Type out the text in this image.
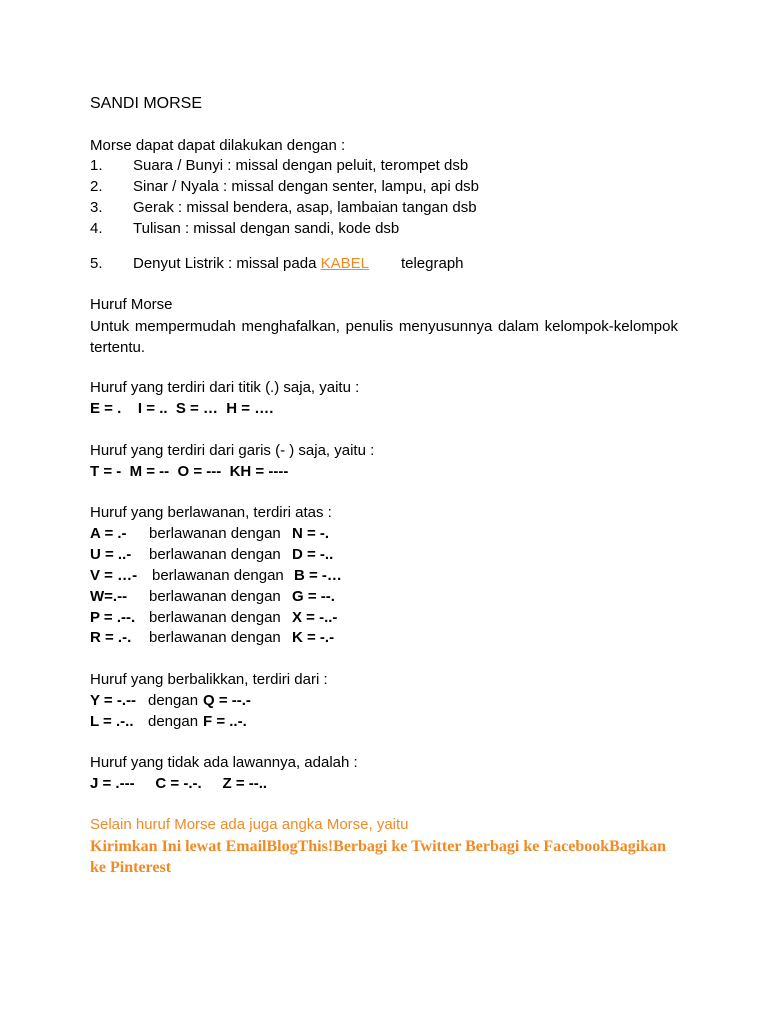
SANDI MORSE
Morse dapat dapat dilakukan dengan :
1. Suara / Bunyi : missal dengan peluit, terompet dsb
2. Sinar / Nyala : missal dengan senter, lampu, api dsb
3. Gerak : missal bendera, asap, lambaian tangan dsb
4. Tulisan : missal dengan sandi, kode dsb
5. Denyut Listrik : missal pada KABEL telegraph
Huruf Morse
Untuk mempermudah menghafalkan, penulis menyusunnya dalam kelompok-kelompok tertentu.
Huruf yang terdiri dari titik (.) saja, yaitu :
E = .    I = ..  S = …  H = ….
Huruf yang terdiri dari garis (- ) saja, yaitu :
T = -  M = --  O = ---  KH = ----
Huruf yang berlawanan, terdiri atas :
A = .- berlawanan dengan N = -.
U = ..- berlawanan dengan D = -..
V = …- berlawanan dengan B = -…
W=.-- berlawanan dengan G = --.
P = .--. berlawanan dengan X = -..-
R = .-. berlawanan dengan K = -.-
Huruf yang berbalikkan, terdiri dari :
Y = -.-- dengan Q = --.-
L = .-.. dengan F = ..-.
Huruf yang tidak ada lawannya, adalah :
J = .---     C = -.-.     Z = --..
Selain huruf Morse ada juga angka Morse, yaitu
Kirimkan Ini lewat EmailBlogThis!Berbagi ke Twitter Berbagi ke FacebookBagikan ke Pinterest
